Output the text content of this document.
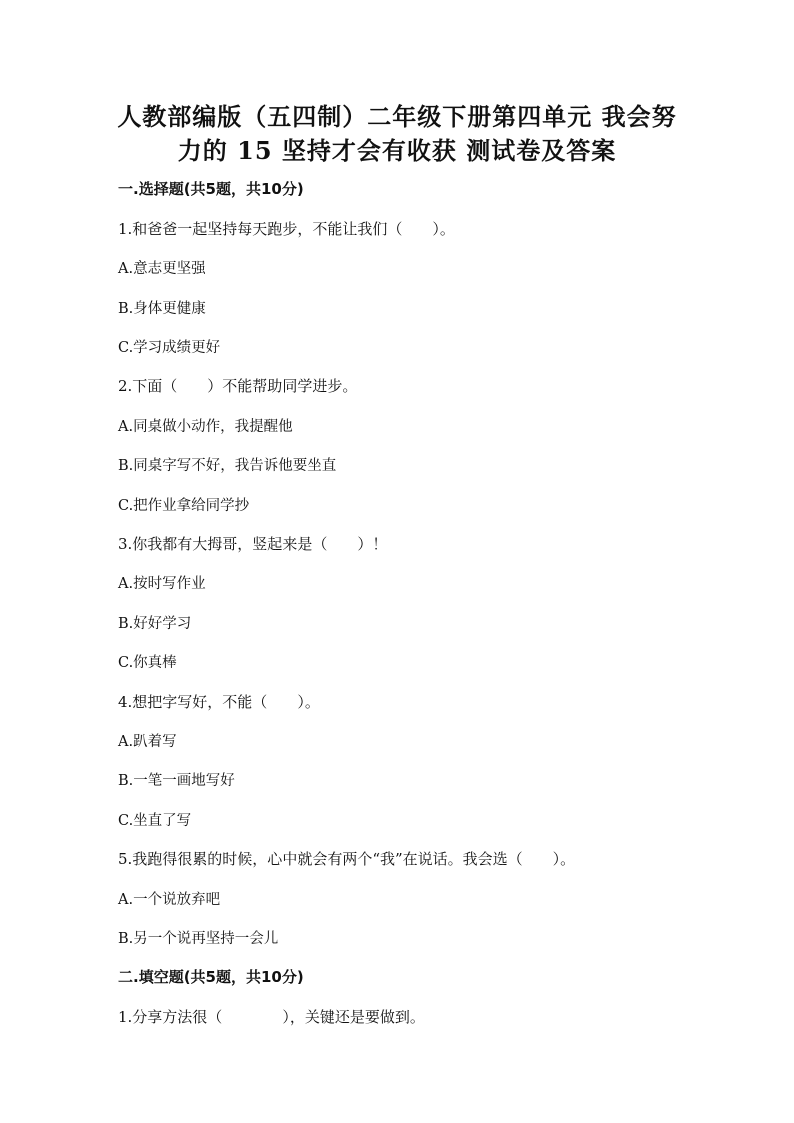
人教部编版（五四制）二年级下册第四单元 我会努
力的 15 坚持才会有收获 测试卷及答案
一.选择题(共5题，共10分)
1.和爸爸一起坚持每天跑步，不能让我们（　　）。
A.意志更坚强
B.身体更健康
C.学习成绩更好
2.下面（　　）不能帮助同学进步。
A.同桌做小动作，我提醒他
B.同桌字写不好，我告诉他要坐直
C.把作业拿给同学抄
3.你我都有大拇哥，竖起来是（　　）！
A.按时写作业
B.好好学习
C.你真棒
4.想把字写好，不能（　　）。
A.趴着写
B.一笔一画地写好
C.坐直了写
5.我跑得很累的时候，心中就会有两个“我”在说话。我会选（　　）。
A.一个说放弃吧
B.另一个说再坚持一会儿
二.填空题(共5题，共10分)
1.分享方法很（　　　　），关键还是要做到。
